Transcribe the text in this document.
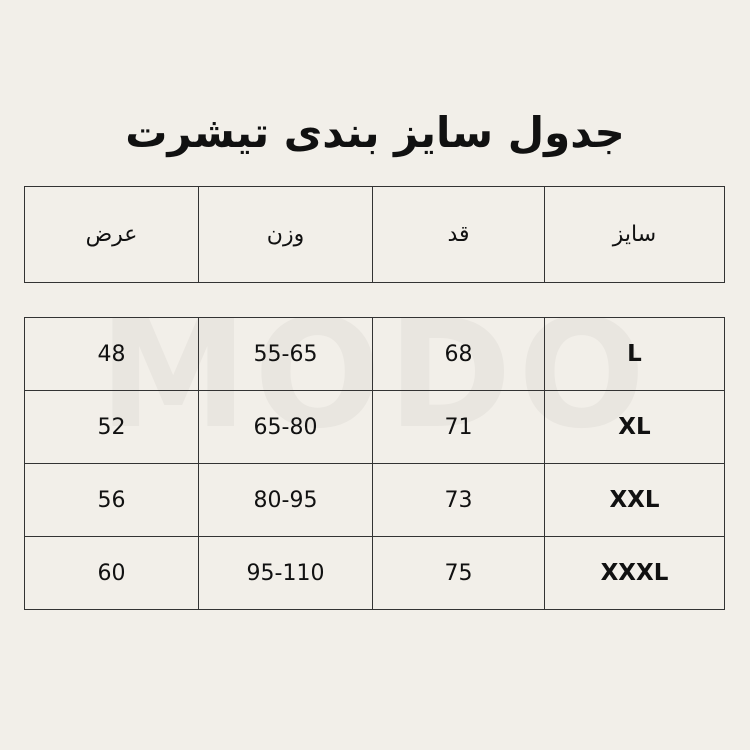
جدول سایز بندی تیشرت
سایز	قد	وزن	عرض

L	68	55-65	48
XL	71	65-80	52
XXL	73	80-95	56
XXXL	75	95-110	60
